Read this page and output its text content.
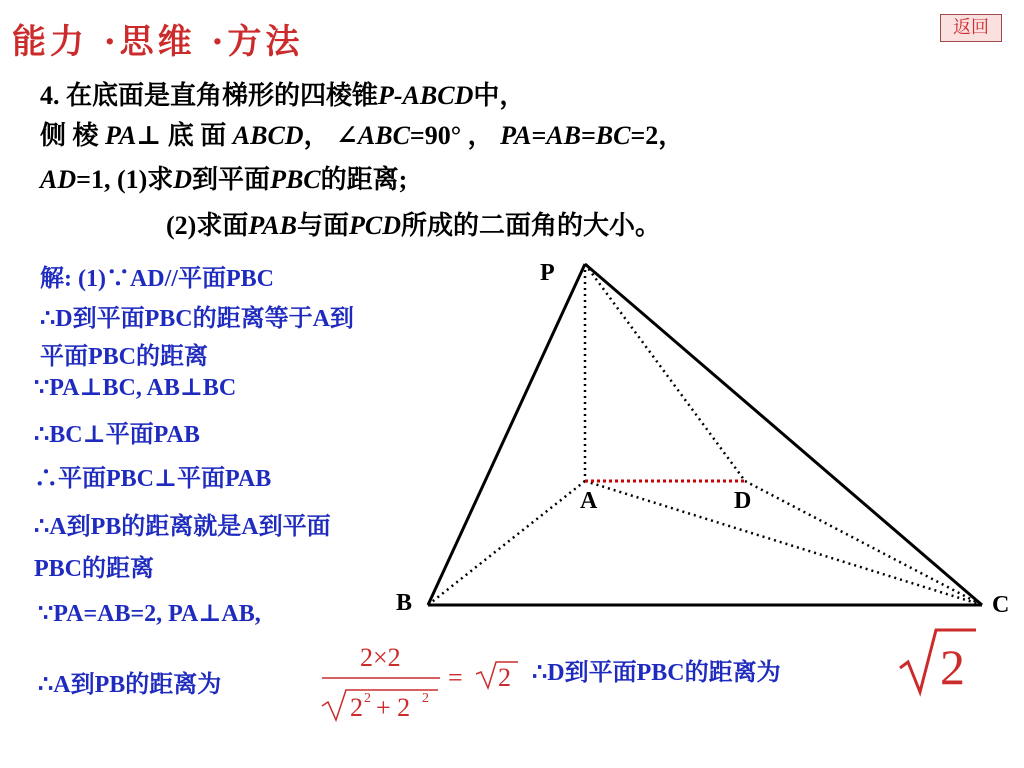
能力 ·思维 ·方法	返回
4. 在底面是直角梯形的四棱锥P-ABCD中，
侧 棱 PA⊥ 底 面 ABCD， ∠ABC=90° ， PA=AB=BC=2，
AD=1, (1)求D到平面PBC的距离;
(2)求面PAB与面PCD所成的二面角的大小。
解: (1)∵AD//平面PBC
∴D到平面PBC的距离等于A到
平面PBC的距离
∵PA⊥BC, AB⊥BC
∴BC⊥平面PAB
∴平面PBC⊥平面PAB
∴A到PB的距离就是A到平面
PBC的距离
∵PA=AB=2, PA⊥AB,
∴A到PB的距离为	∴D到平面PBC的距离为
2×2
2 2 + 2 2
= 2	2
P
A	D
B	C
